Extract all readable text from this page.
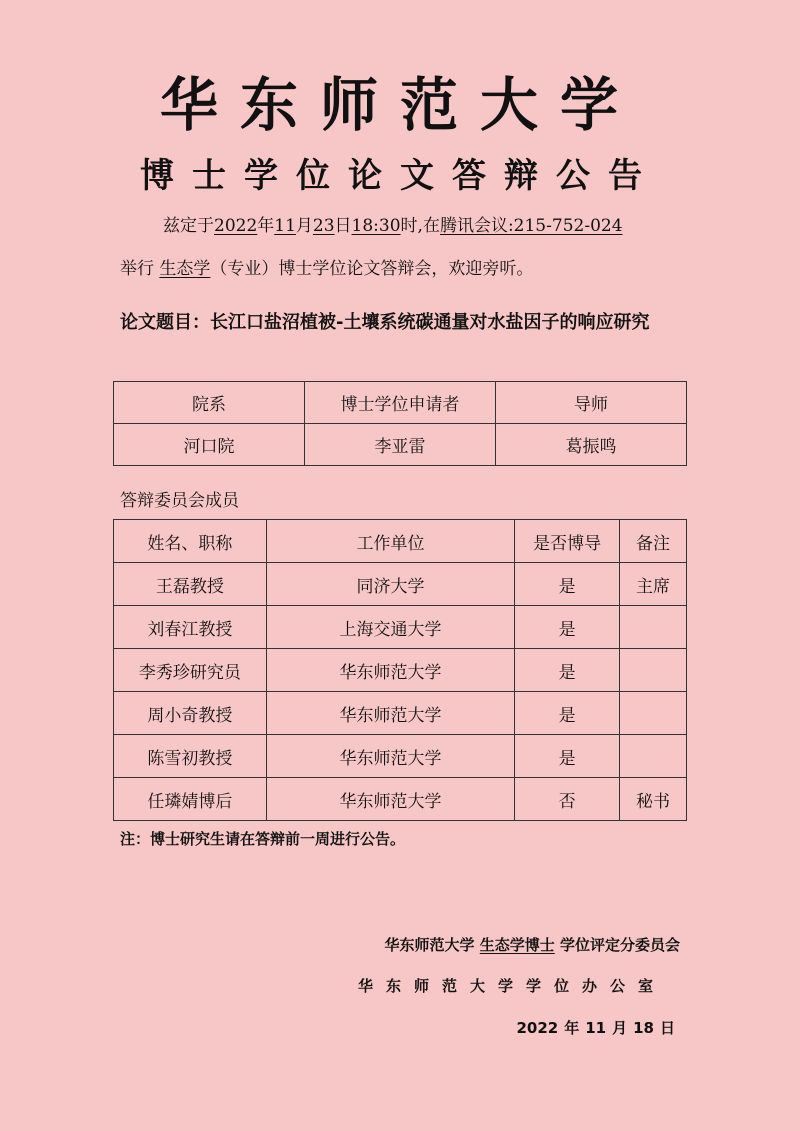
华东师范大学
博士学位论文答辩公告
兹定于2022年11月23日18:30时,在腾讯会议:215-752-024
举行 生态学（专业）博士学位论文答辩会，欢迎旁听。
论文题目：长江口盐沼植被-土壤系统碳通量对水盐因子的响应研究
院系	博士学位申请者	导师
河口院	李亚雷	葛振鸣
答辩委员会成员
姓名、职称	工作单位	是否博导	备注
王磊教授	同济大学	是	主席
刘春江教授	上海交通大学	是	
李秀珍研究员	华东师范大学	是	
周小奇教授	华东师范大学	是	
陈雪初教授	华东师范大学	是	
任璘婧博后	华东师范大学	否	秘书
注：博士研究生请在答辩前一周进行公告。
华东师范大学 生态学博士 学位评定分委员会
华东师范大学学位办公室
2022 年 11 月 18 日
